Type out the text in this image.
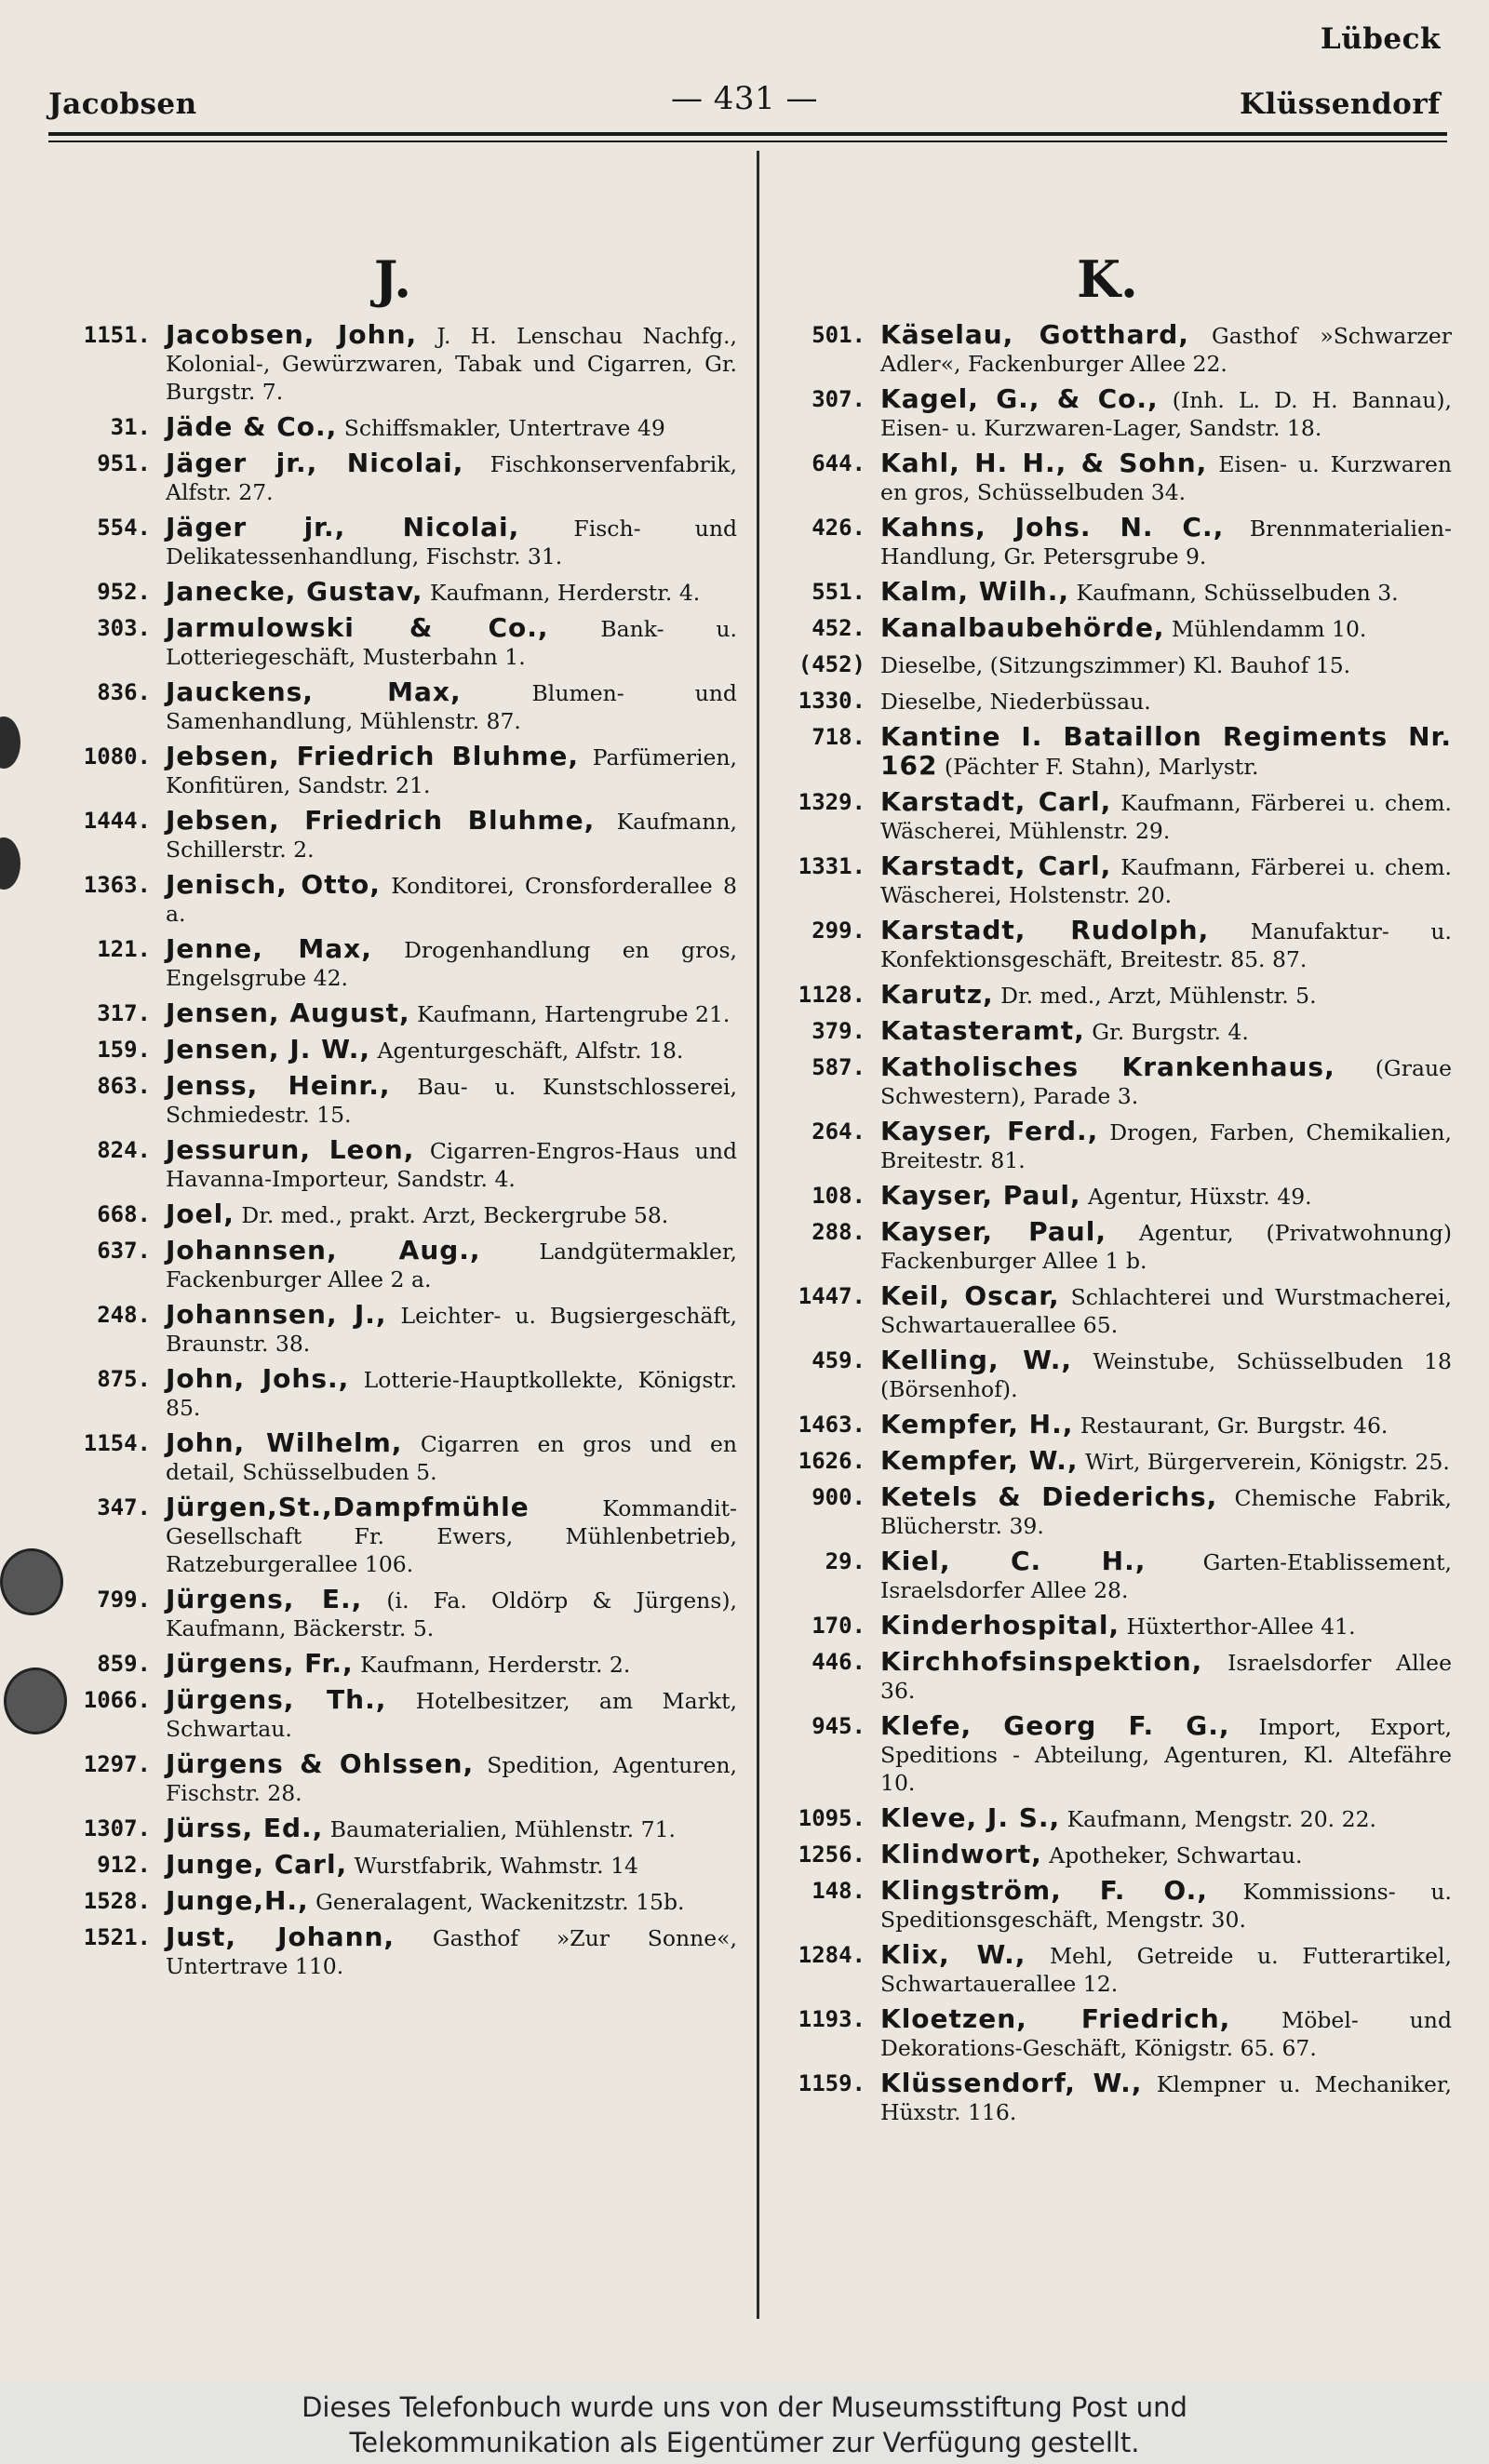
Lübeck
Jacobsen	— 431 —	Klüssendorf
J.
1151. Jacobsen, John, J. H. Lenschau Nachfg., Kolonial-, Gewürzwaren, Tabak und Cigarren, Gr. Burgstr. 7.
31. Jäde & Co., Schiffsmakler, Untertrave 49
951. Jäger jr., Nicolai, Fischkonservenfabrik, Alfstr. 27.
554. Jäger jr., Nicolai, Fisch- und Delikatessenhandlung, Fischstr. 31.
952. Janecke, Gustav, Kaufmann, Herderstr. 4.
303. Jarmulowski & Co., Bank- u. Lotteriegeschäft, Musterbahn 1.
836. Jauckens, Max, Blumen- und Samenhandlung, Mühlenstr. 87.
1080. Jebsen, Friedrich Bluhme, Parfümerien, Konfitüren, Sandstr. 21.
1444. Jebsen, Friedrich Bluhme, Kaufmann, Schillerstr. 2.
1363. Jenisch, Otto, Konditorei, Cronsforderallee 8 a.
121. Jenne, Max, Drogenhandlung en gros, Engelsgrube 42.
317. Jensen, August, Kaufmann, Hartengrube 21.
159. Jensen, J. W., Agenturgeschäft, Alfstr. 18.
863. Jenss, Heinr., Bau- u. Kunstschlosserei, Schmiedestr. 15.
824. Jessurun, Leon, Cigarren-Engros-Haus und Havanna-Importeur, Sandstr. 4.
668. Joel, Dr. med., prakt. Arzt, Beckergrube 58.
637. Johannsen, Aug., Landgütermakler, Fackenburger Allee 2 a.
248. Johannsen, J., Leichter- u. Bugsiergeschäft, Braunstr. 38.
875. John, Johs., Lotterie-Hauptkollekte, Königstr. 85.
1154. John, Wilhelm, Cigarren en gros und en detail, Schüsselbuden 5.
347. Jürgen,St.,Dampfmühle Kommandit-Gesellschaft Fr. Ewers, Mühlenbetrieb, Ratzeburgerallee 106.
799. Jürgens, E., (i. Fa. Oldörp & Jürgens), Kaufmann, Bäckerstr. 5.
859. Jürgens, Fr., Kaufmann, Herderstr. 2.
1066. Jürgens, Th., Hotelbesitzer, am Markt, Schwartau.
1297. Jürgens & Ohlssen, Spedition, Agenturen, Fischstr. 28.
1307. Jürss, Ed., Baumaterialien, Mühlenstr. 71.
912. Junge, Carl, Wurstfabrik, Wahmstr. 14
1528. Junge,H., Generalagent, Wackenitzstr. 15b.
1521. Just, Johann, Gasthof »Zur Sonne«, Untertrave 110.
K.
501. Käselau, Gotthard, Gasthof »Schwarzer Adler«, Fackenburger Allee 22.
307. Kagel, G., & Co., (Inh. L. D. H. Bannau), Eisen- u. Kurzwaren-Lager, Sandstr. 18.
644. Kahl, H. H., & Sohn, Eisen- u. Kurzwaren en gros, Schüsselbuden 34.
426. Kahns, Johs. N. C., Brennmaterialien-Handlung, Gr. Petersgrube 9.
551. Kalm, Wilh., Kaufmann, Schüsselbuden 3.
452. Kanalbaubehörde, Mühlendamm 10.
(452) Dieselbe, (Sitzungszimmer) Kl. Bauhof 15.
1330. Dieselbe, Niederbüssau.
718. Kantine I. Bataillon Regiments Nr. 162 (Pächter F. Stahn), Marlystr.
1329. Karstadt, Carl, Kaufmann, Färberei u. chem. Wäscherei, Mühlenstr. 29.
1331. Karstadt, Carl, Kaufmann, Färberei u. chem. Wäscherei, Holstenstr. 20.
299. Karstadt, Rudolph, Manufaktur- u. Konfektionsgeschäft, Breitestr. 85. 87.
1128. Karutz, Dr. med., Arzt, Mühlenstr. 5.
379. Katasteramt, Gr. Burgstr. 4.
587. Katholisches Krankenhaus, (Graue Schwestern), Parade 3.
264. Kayser, Ferd., Drogen, Farben, Chemikalien, Breitestr. 81.
108. Kayser, Paul, Agentur, Hüxstr. 49.
288. Kayser, Paul, Agentur, (Privatwohnung) Fackenburger Allee 1 b.
1447. Keil, Oscar, Schlachterei und Wurstmacherei, Schwartauerallee 65.
459. Kelling, W., Weinstube, Schüsselbuden 18 (Börsenhof).
1463. Kempfer, H., Restaurant, Gr. Burgstr. 46.
1626. Kempfer, W., Wirt, Bürgerverein, Königstr. 25.
900. Ketels & Diederichs, Chemische Fabrik, Blücherstr. 39.
29. Kiel, C. H., Garten-Etablissement, Israelsdorfer Allee 28.
170. Kinderhospital, Hüxterthor-Allee 41.
446. Kirchhofsinspektion, Israelsdorfer Allee 36.
945. Klefe, Georg F. G., Import, Export, Speditions - Abteilung, Agenturen, Kl. Altefähre 10.
1095. Kleve, J. S., Kaufmann, Mengstr. 20. 22.
1256. Klindwort, Apotheker, Schwartau.
148. Klingström, F. O., Kommissions- u. Speditionsgeschäft, Mengstr. 30.
1284. Klix, W., Mehl, Getreide u. Futterartikel, Schwartauerallee 12.
1193. Kloetzen, Friedrich, Möbel- und Dekorations-Geschäft, Königstr. 65. 67.
1159. Klüssendorf, W., Klempner u. Mechaniker, Hüxstr. 116.
Dieses Telefonbuch wurde uns von der Museumsstiftung Post und
Telekommunikation als Eigentümer zur Verfügung gestellt.
